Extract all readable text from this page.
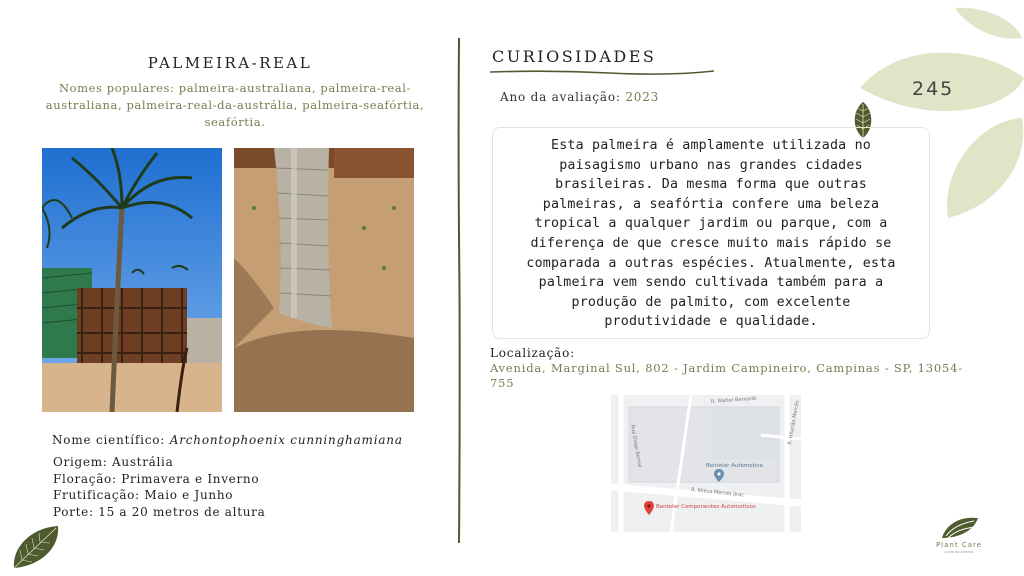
PALMEIRA-REAL
Nomes populares: palmeira-australiana, palmeira-real-australiana, palmeira-real-da-austrália, palmeira-seafórtia, seafórtia.
Nome científico: Archontophoenix cunninghamiana
Origem: Austrália
Floração: Primavera e Inverno
Frutificação: Maio e Junho
Porte: 15 a 20 metros de altura
CURIOSIDADES
Ano da avaliação: 2023
Esta palmeira é amplamente utilizada no paisagismo urbano nas grandes cidades brasileiras. Da mesma forma que outras palmeiras, a seafórtia confere uma beleza tropical a qualquer jardim ou parque, com a diferença de que cresce muito mais rápido se comparada a outras espécies. Atualmente, esta palmeira vem sendo cultivada também para a produção de palmito, com excelente produtividade e qualidade.
Localização:
Avenida, Marginal Sul, 802 - Jardim Campineiro, Campinas - SP, 13054-755
R. Walter Bernardi
Rua Diogo Bernal
R. Ilhéus Mercês Jiraz
R. Hilarião Mercês
Benteler Automotive
Benteler Componentes Automotivos
245
Plant Care
cuida da plantas
